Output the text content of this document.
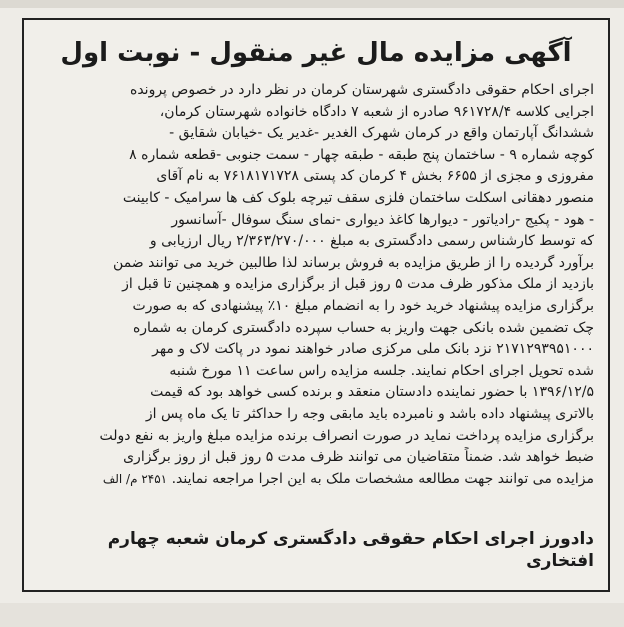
آگهی مزایده مال غیر منقول - نوبت اول
اجرای احکام حقوقی دادگستری شهرستان کرمان در نظر دارد در خصوص پرونده
اجرایی کلاسه ۹۶۱۷۲۸/۴ صادره از شعبه ۷ دادگاه خانواده شهرستان کرمان،
ششدانگ آپارتمان واقع در کرمان شهرک الغدیر -غدیر یک -خیابان شقایق -
کوچه شماره ۹ - ساختمان پنج طبقه - طبقه چهار - سمت جنوبی -قطعه شماره ۸
مفروزی و مجزی از ۶۶۵۵ بخش ۴ کرمان کد پستی ۷۶۱۸۱۷۱۷۲۸ به نام آقای
منصور دهقانی اسکلت ساختمان فلزی سقف تیرچه بلوک کف ها سرامیک - کابینت
- هود - پکیج -رادیاتور - دیوارها کاغذ دیواری -نمای سنگ سوفال -آسانسور
که توسط کارشناس رسمی دادگستری به مبلغ ۲/۳۶۳/۲۷۰/۰۰۰ ریال ارزیابی و
برآورد گردیده را از طریق مزایده به فروش برساند لذا طالبین خرید می توانند ضمن
بازدید از ملک مذکور ظرف مدت ۵ روز قبل از برگزاری مزایده و همچنین تا قبل از
برگزاری مزایده پیشنهاد خرید خود را به انضمام مبلغ ۱۰٪ پیشنهادی که به صورت
چک تضمین شده بانکی جهت واریز به حساب سپرده دادگستری کرمان به شماره
۲۱۷۱۲۹۳۹۵۱۰۰۰ نزد بانک ملی مرکزی صادر خواهند نمود در پاکت لاک و مهر
شده تحویل اجرای احکام نمایند. جلسه مزایده راس ساعت ۱۱ مورخ شنبه
۱۳۹۶/۱۲/۵ با حضور نماینده دادستان منعقد و برنده کسی خواهد بود که قیمت
بالاتری پیشنهاد داده باشد و نامبرده باید مابقی وجه را حداکثر تا یک ماه پس از
برگزاری مزایده پرداخت نماید در صورت انصراف برنده مزایده مبلغ واریز به نفع دولت
ضبط خواهد شد. ضمناً متقاضیان می توانند ظرف مدت ۵ روز قبل از روز برگزاری
مزایده می توانند جهت مطالعه مشخصات ملک به این اجرا مراجعه نمایند. ۲۴۵۱ م/ الف
دادورز اجرای احکام حقوقی دادگستری کرمان شعبه چهارم افتخاری
